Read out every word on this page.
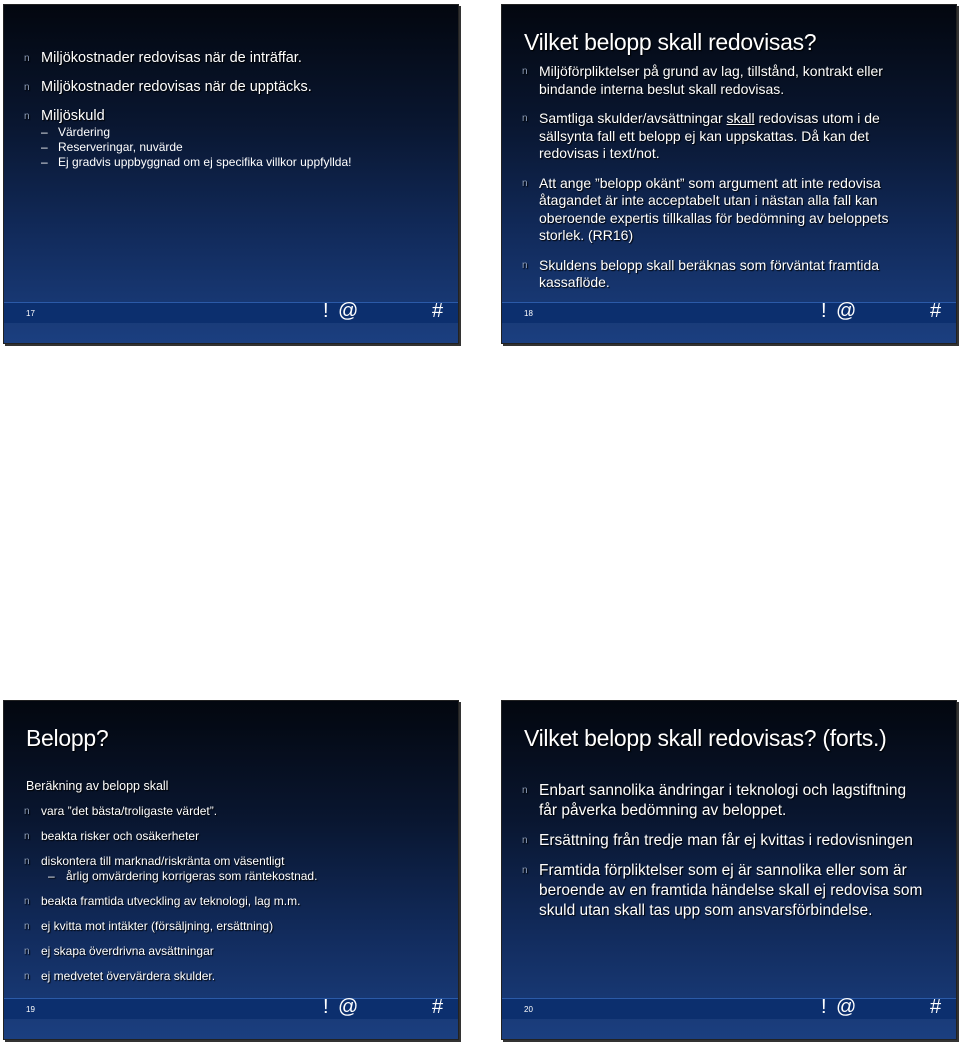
n Miljökostnader redovisas när de inträffar.
n Miljökostnader redovisas när de upptäcks.
n Miljöskuld
– Värdering
– Reserveringar, nuvärde
– Ej gradvis uppbyggnad om ej specifika villkor uppfyllda!
17	! @	#
Vilket belopp skall redovisas?
n Miljöförpliktelser på grund av lag, tillstånd, kontrakt eller bindande interna beslut skall redovisas.
n Samtliga skulder/avsättningar skall redovisas utom i de sällsynta fall ett belopp ej kan uppskattas. Då kan det redovisas i text/not.
n Att ange ”belopp okänt” som argument att inte redovisa åtagandet är inte acceptabelt utan i nästan alla fall kan oberoende expertis tillkallas för bedömning av beloppets storlek. (RR16)
n Skuldens belopp skall beräknas som förväntat framtida kassaflöde.
18	! @	#
Belopp?
Beräkning av belopp skall
n vara ”det bästa/troligaste värdet”.
n beakta risker och osäkerheter
n diskontera till marknad/riskränta om väsentligt
– årlig omvärdering korrigeras som räntekostnad.
n beakta framtida utveckling av teknologi, lag m.m.
n ej kvitta mot intäkter (försäljning, ersättning)
n ej skapa överdrivna avsättningar
n ej medvetet övervärdera skulder.
19	! @	#
Vilket belopp skall redovisas? (forts.)
n Enbart sannolika ändringar i teknologi och lagstiftning får påverka bedömning av beloppet.
n Ersättning från tredje man får ej kvittas i redovisningen
n Framtida förpliktelser som ej är sannolika eller som är beroende av en framtida händelse skall ej redovisa som skuld utan skall tas upp som ansvarsförbindelse.
20	! @	#
